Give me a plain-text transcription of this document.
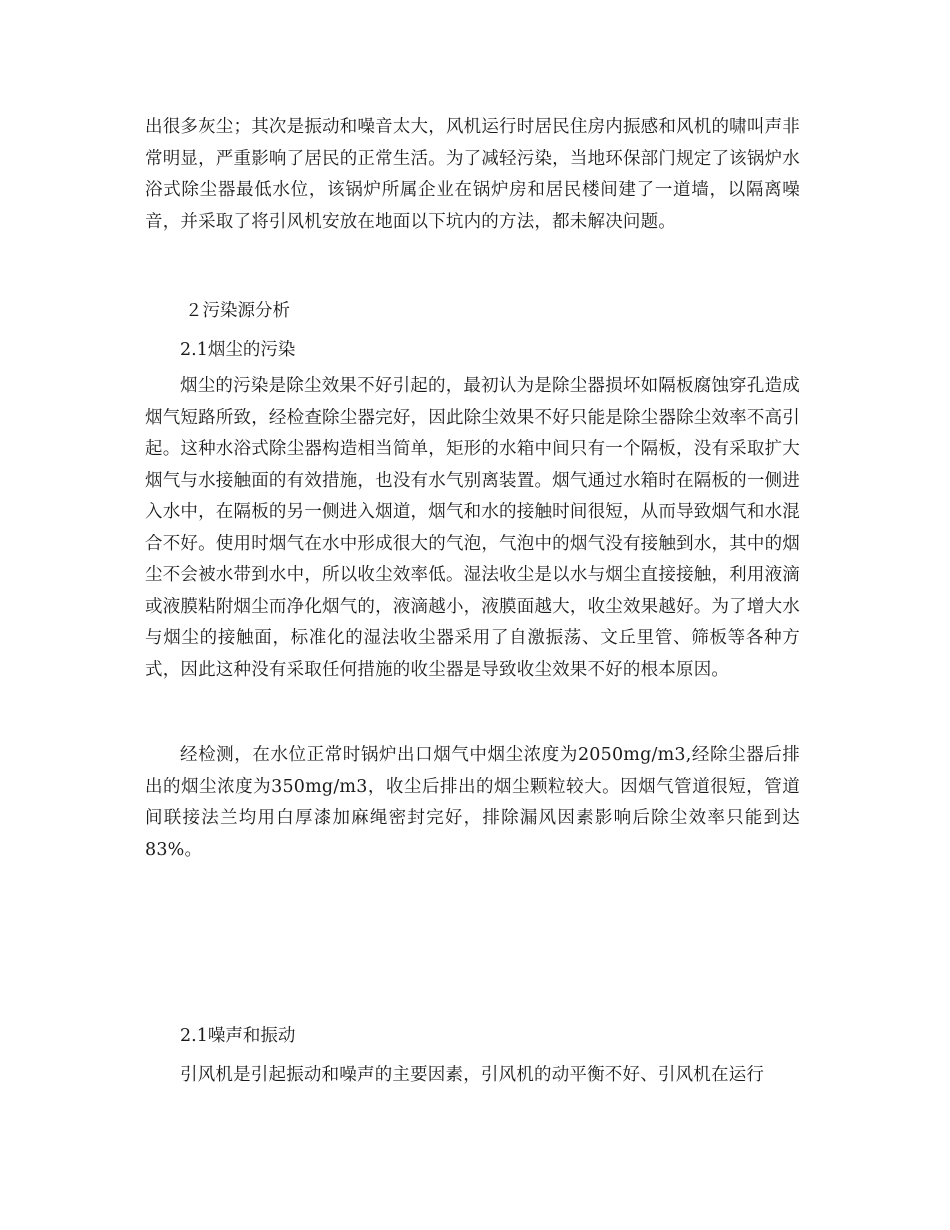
出很多灰尘；其次是振动和噪音太大，风机运行时居民住房内振感和风机的啸叫声非常明显，严重影响了居民的正常生活。为了减轻污染，当地环保部门规定了该锅炉水浴式除尘器最低水位，该锅炉所属企业在锅炉房和居民楼间建了一道墙，以隔离噪音，并采取了将引风机安放在地面以下坑内的方法，都未解决问题。

２污染源分析

2.1烟尘的污染

烟尘的污染是除尘效果不好引起的，最初认为是除尘器损坏如隔板腐蚀穿孔造成烟气短路所致，经检查除尘器完好，因此除尘效果不好只能是除尘器除尘效率不高引起。这种水浴式除尘器构造相当简单，矩形的水箱中间只有一个隔板，没有采取扩大烟气与水接触面的有效措施，也没有水气别离装置。烟气通过水箱时在隔板的一侧进入水中，在隔板的另一侧进入烟道，烟气和水的接触时间很短，从而导致烟气和水混合不好。使用时烟气在水中形成很大的气泡，气泡中的烟气没有接触到水，其中的烟尘不会被水带到水中，所以收尘效率低。湿法收尘是以水与烟尘直接接触，利用液滴或液膜粘附烟尘而净化烟气的，液滴越小，液膜面越大，收尘效果越好。为了增大水与烟尘的接触面，标准化的湿法收尘器采用了自激振荡、文丘里管、筛板等各种方式，因此这种没有采取任何措施的收尘器是导致收尘效果不好的根本原因。

经检测，在水位正常时锅炉出口烟气中烟尘浓度为2050mg/m3,经除尘器后排出的烟尘浓度为350mg/m3，收尘后排出的烟尘颗粒较大。因烟气管道很短，管道间联接法兰均用白厚漆加麻绳密封完好，排除漏风因素影响后除尘效率只能到达83%。

2.1噪声和振动

引风机是引起振动和噪声的主要因素，引风机的动平衡不好、引风机在运行
